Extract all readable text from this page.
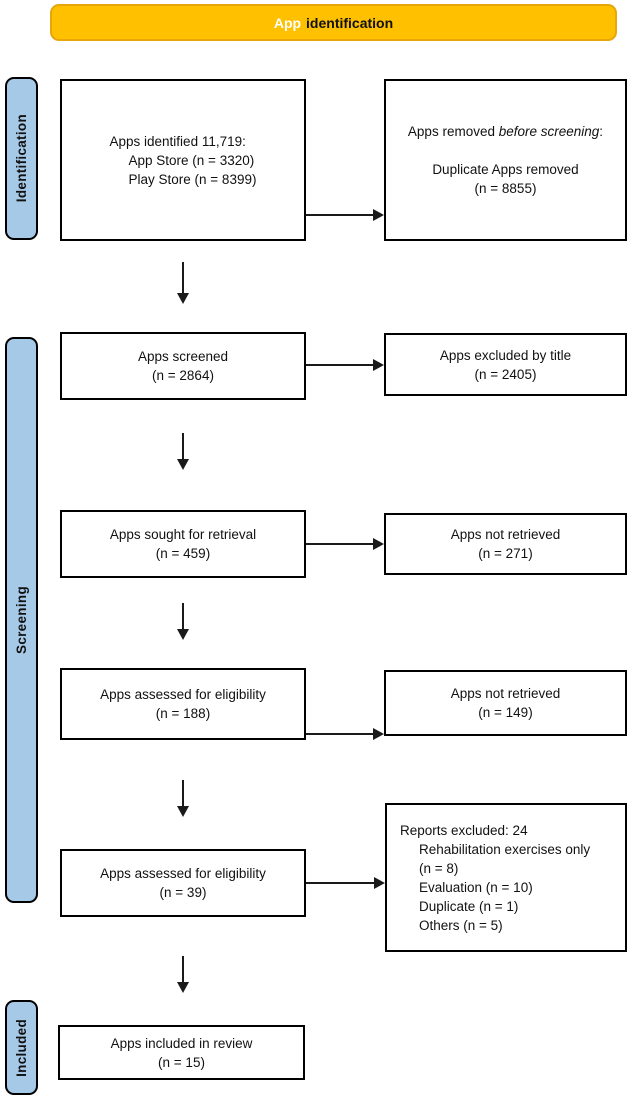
App identification
Identification
Screening
Included
Apps identified 11,719:
App Store (n = 3320)
Play Store (n = 8399)
Apps removed before screening:
Duplicate Apps removed
(n = 8855)
Apps screened
(n = 2864)
Apps excluded by title
(n = 2405)
Apps sought for retrieval
(n = 459)
Apps not retrieved
(n = 271)
Apps assessed for eligibility
(n = 188)
Apps not retrieved
(n = 149)
Apps assessed for eligibility
(n = 39)
Reports excluded: 24
Rehabilitation exercises only
(n = 8)
Evaluation (n = 10)
Duplicate (n = 1)
Others (n = 5)
Apps included in review
(n = 15)
